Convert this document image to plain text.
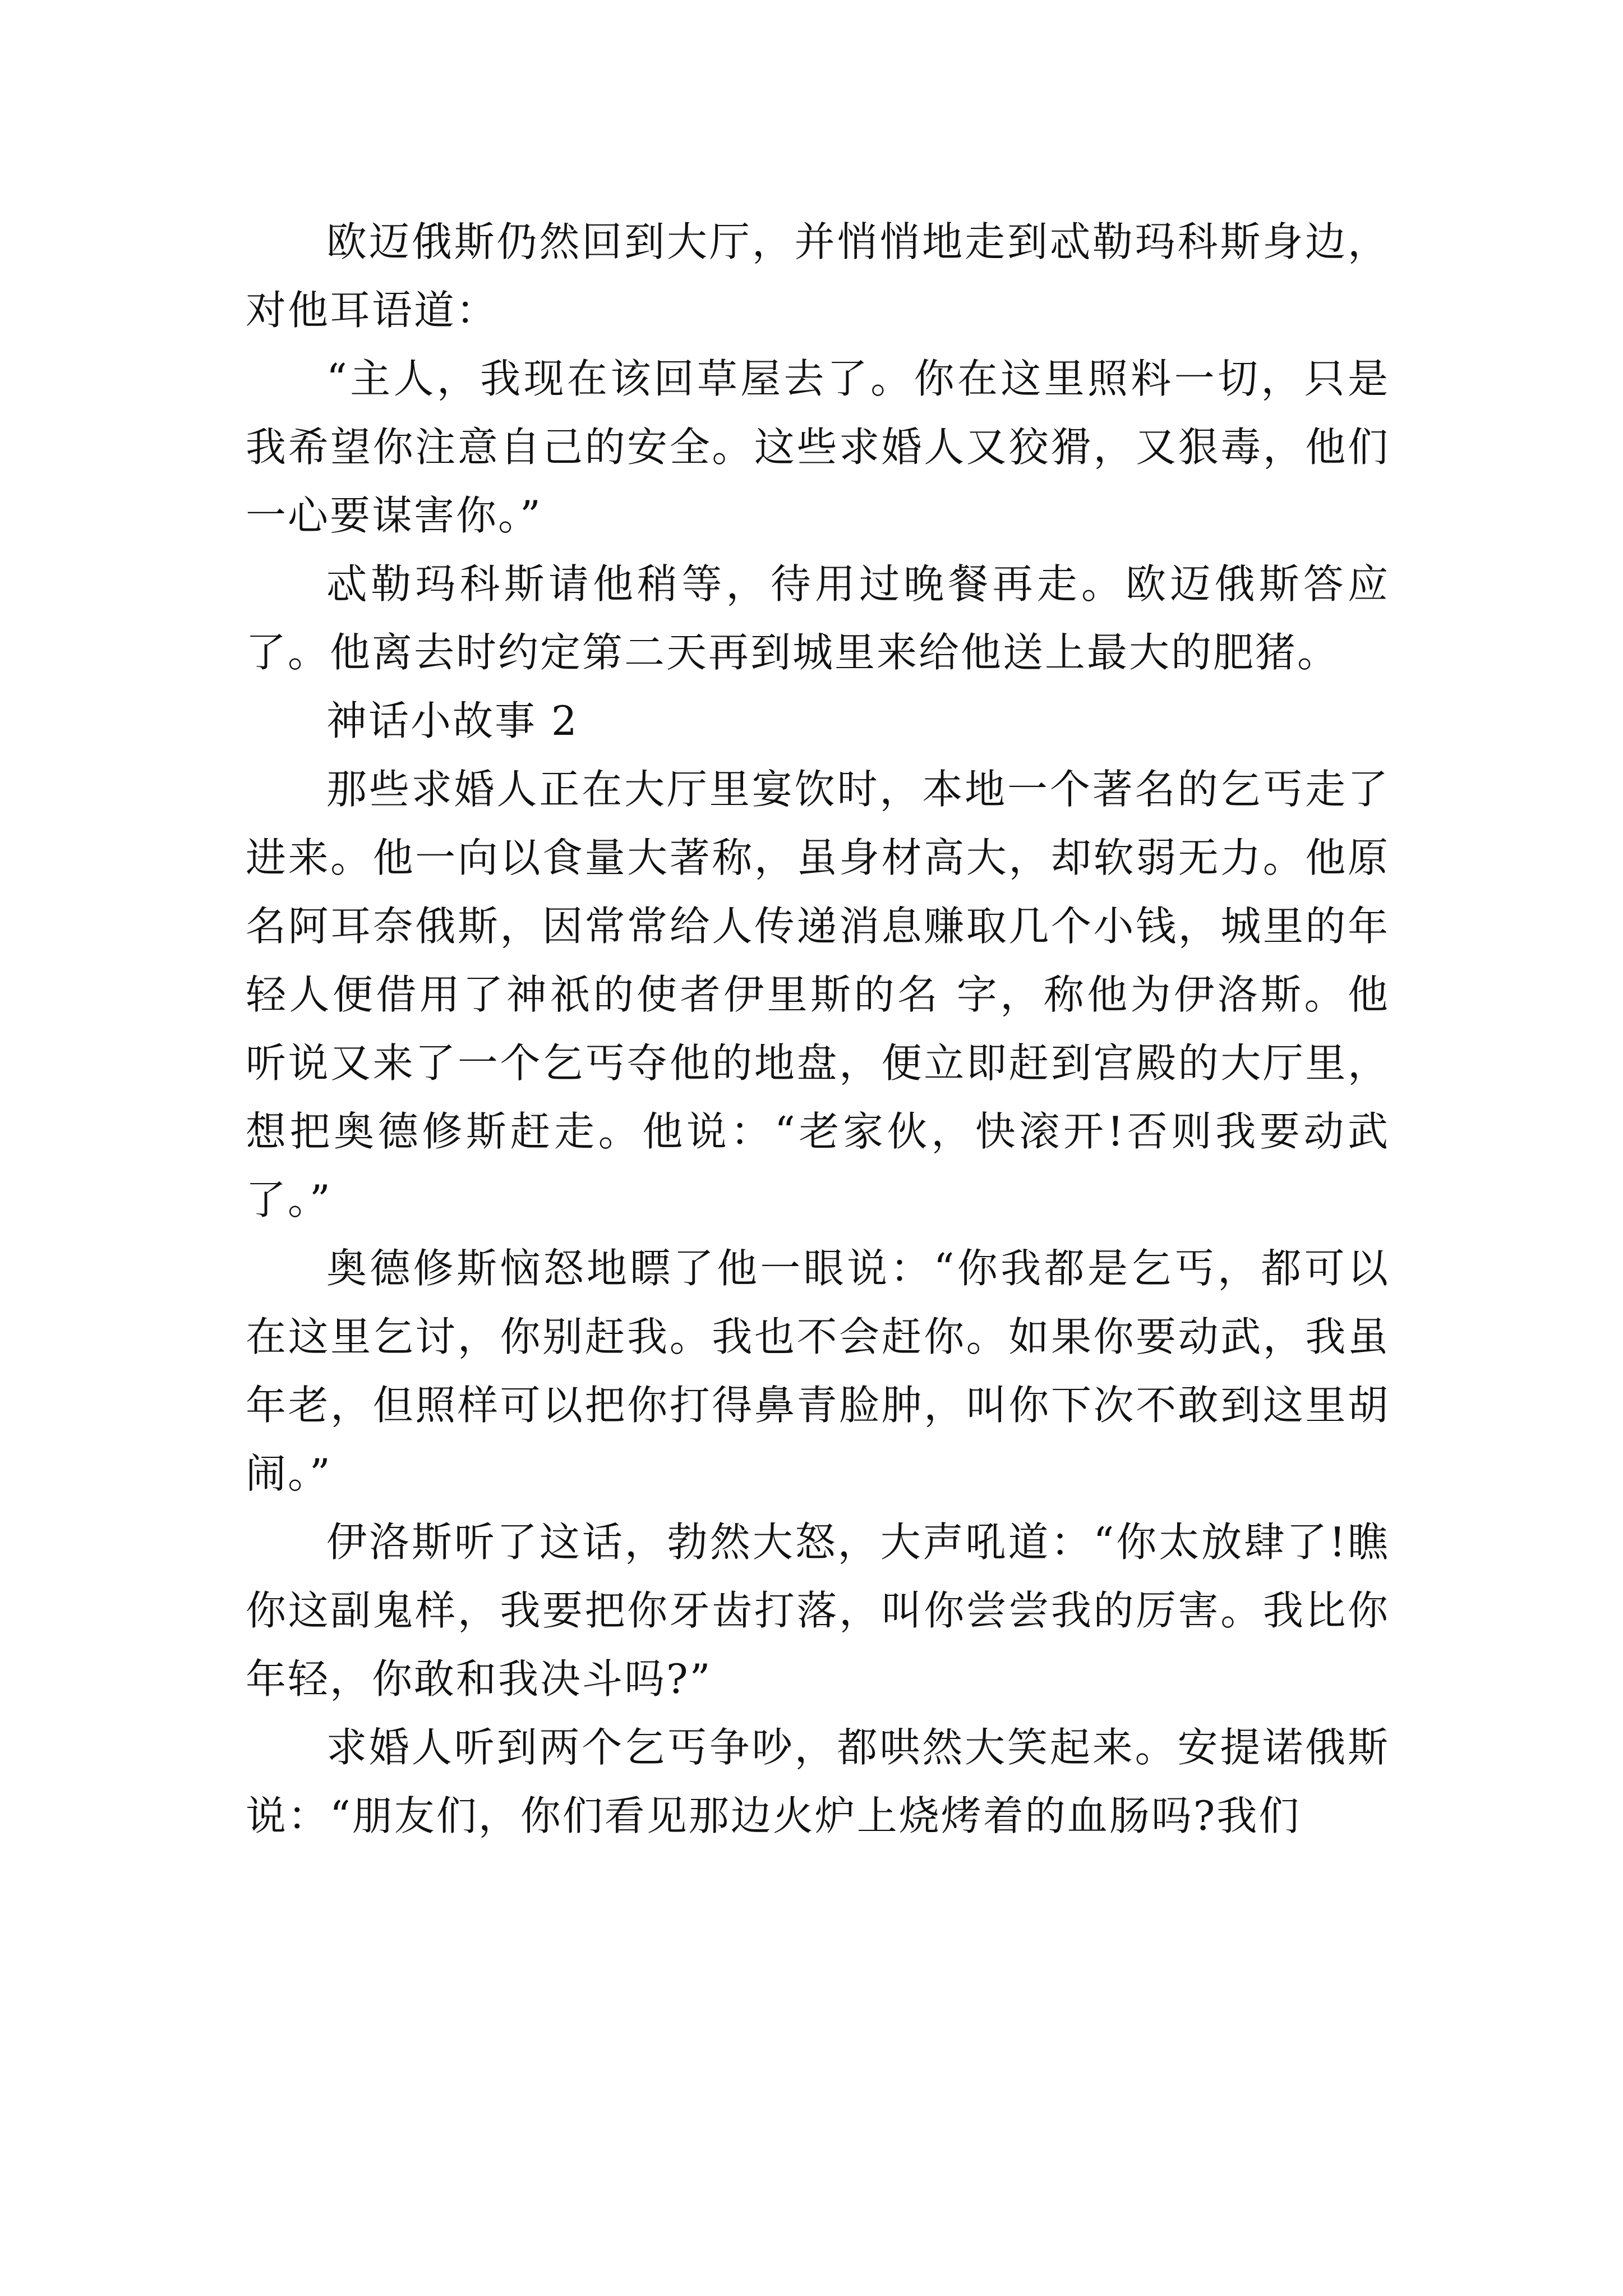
欧迈俄斯仍然回到大厅，并悄悄地走到忒勒玛科斯身边，对他耳语道：

“主人，我现在该回草屋去了。你在这里照料一切，只是我希望你注意自己的安全。这些求婚人又狡猾，又狠毒，他们一心要谋害你。”

忒勒玛科斯请他稍等，待用过晚餐再走。欧迈俄斯答应了。他离去时约定第二天再到城里来给他送上最大的肥猪。

神话小故事 2

那些求婚人正在大厅里宴饮时，本地一个著名的乞丐走了进来。他一向以食量大著称，虽身材高大，却软弱无力。他原名阿耳奈俄斯，因常常给人传递消息赚取几个小钱，城里的年轻人便借用了神祇的使者伊里斯的名 字，称他为伊洛斯。他听说又来了一个乞丐夺他的地盘，便立即赶到宫殿的大厅里，想把奥德修斯赶走。他说：“老家伙，快滚开!否则我要动武了。”

奥德修斯恼怒地瞟了他一眼说：“你我都是乞丐，都可以在这里乞讨，你别赶我。我也不会赶你。如果你要动武，我虽年老，但照样可以把你打得鼻青脸肿，叫你下次不敢到这里胡闹。”

伊洛斯听了这话，勃然大怒，大声吼道：“你太放肆了!瞧你这副鬼样，我要把你牙齿打落，叫你尝尝我的厉害。我比你年轻，你敢和我决斗吗?”

求婚人听到两个乞丐争吵，都哄然大笑起来。安提诺俄斯说：“朋友们，你们看见那边火炉上烧烤着的血肠吗?我们
